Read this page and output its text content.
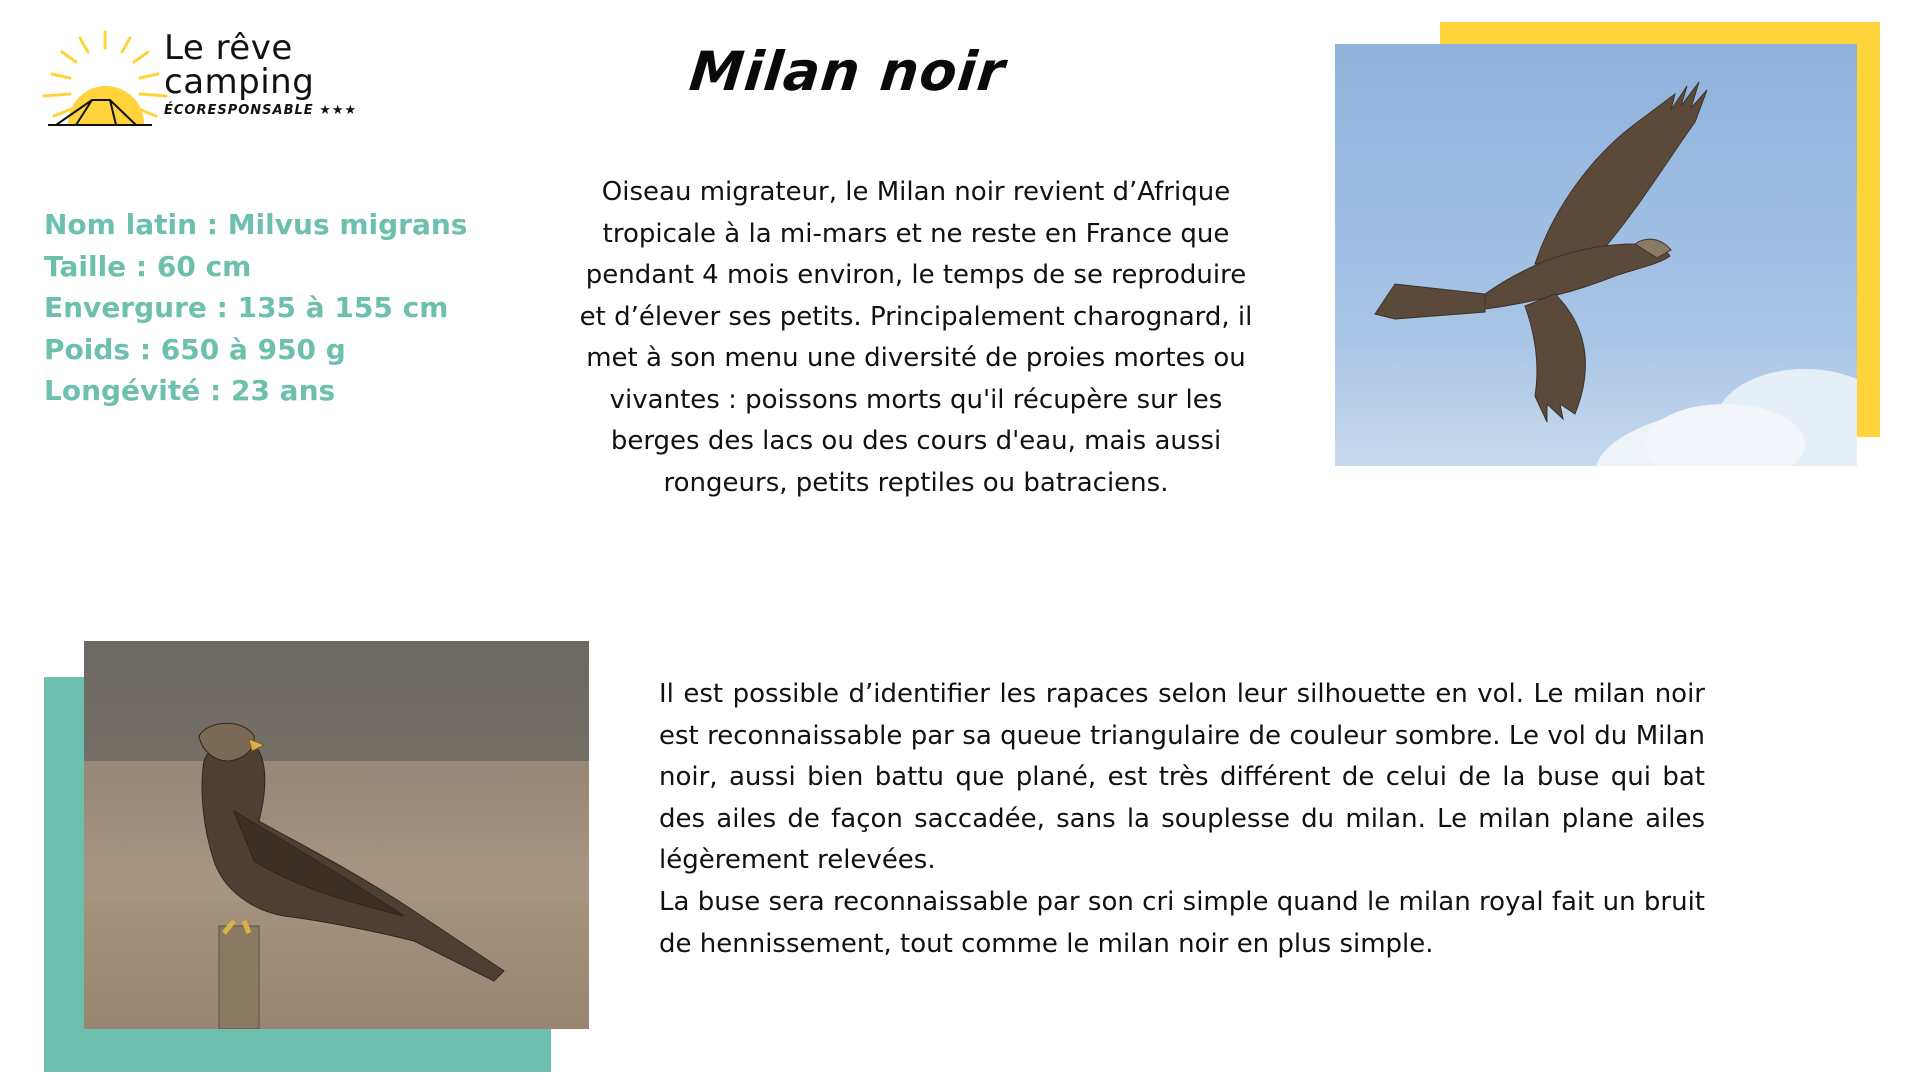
Le rêve
camping
ÉCORESPONSABLE ★★★
Milan noir
Nom latin : Milvus migrans
Taille : 60 cm
Envergure : 135 à 155 cm
Poids : 650 à 950 g
Longévité : 23 ans

Oiseau migrateur, le Milan noir revient d’Afrique tropicale à la mi-mars et ne reste en France que pendant 4 mois environ, le temps de se reproduire et d’élever ses petits. Principalement charognard, il met à son menu une diversité de proies mortes ou vivantes : poissons morts qu'il récupère sur les berges des lacs ou des cours d'eau, mais aussi rongeurs, petits reptiles ou batraciens.

Il est possible d’identifier les rapaces selon leur silhouette en vol. Le milan noir est reconnaissable par sa queue triangulaire de couleur sombre. Le vol du Milan noir, aussi bien battu que plané, est très différent de celui de la buse qui bat des ailes de façon saccadée, sans la souplesse du milan. Le milan plane ailes légèrement relevées.

La buse sera reconnaissable par son cri simple quand le milan royal fait un bruit de hennissement, tout comme le milan noir en plus simple.
